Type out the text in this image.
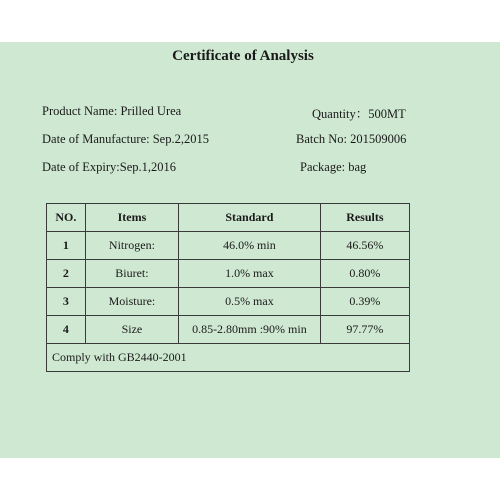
Certificate of Analysis
Product Name: Prilled Urea	Quantity：500MT
Date of Manufacture: Sep.2,2015	Batch No: 201509006
Date of Expiry:Sep.1,2016	Package: bag
NO.	Items	Standard	Results
1	Nitrogen:	46.0% min	46.56%
2	Biuret:	1.0% max	0.80%
3	Moisture:	0.5% max	0.39%
4	Size	0.85-2.80mm :90% min	97.77%
Comply with GB2440-2001			
